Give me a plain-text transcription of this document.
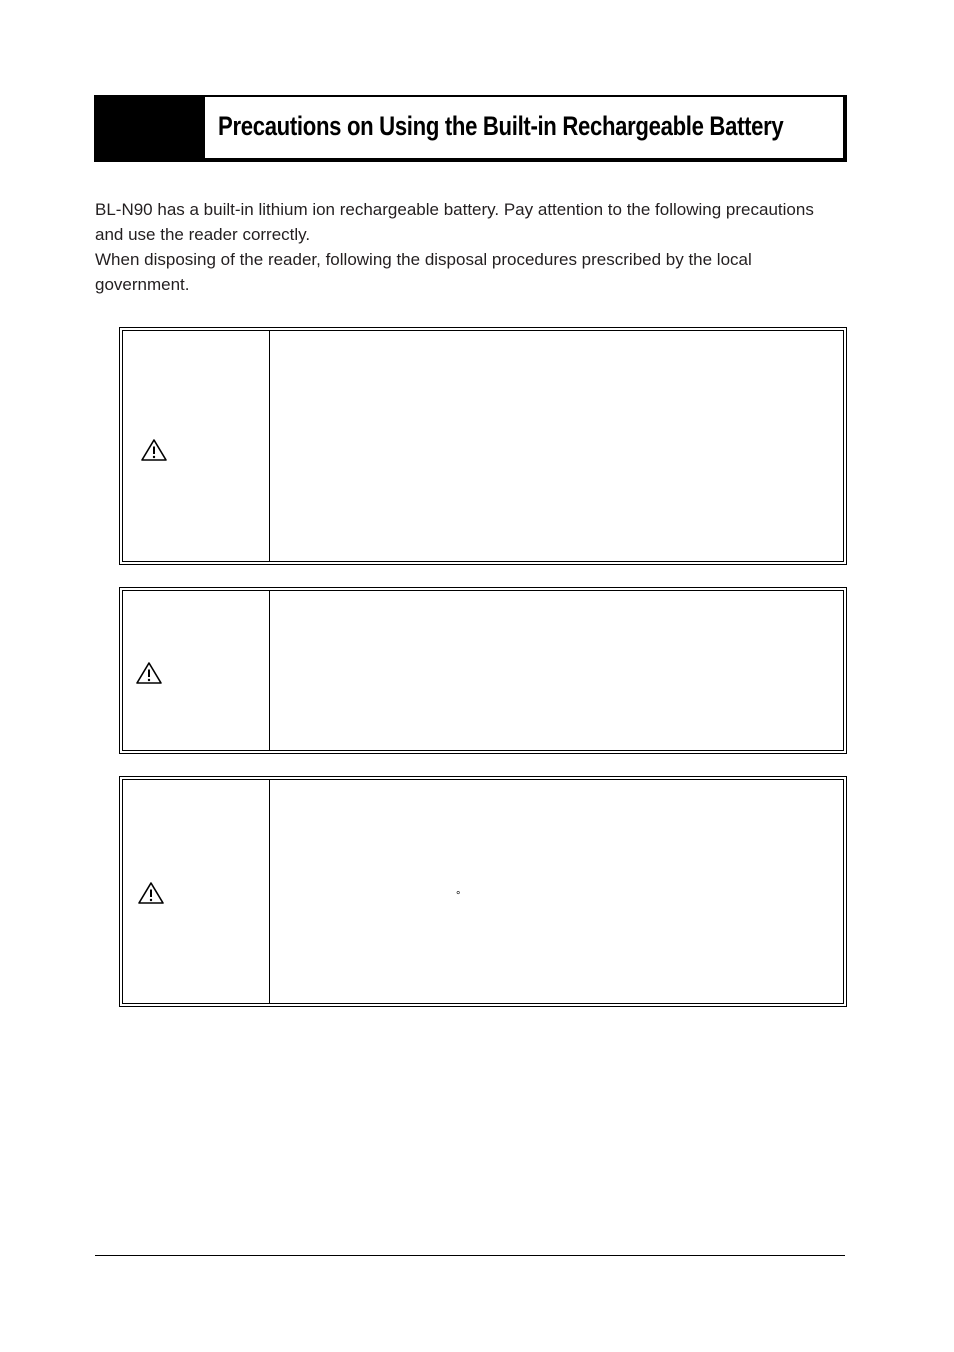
Precautions on Using the Built-in Rechargeable Battery

BL-N90 has a built-in lithium ion rechargeable battery. Pay attention to the following precautions and use the reader correctly.

When disposing of the reader, following the disposal procedures prescribed by the local government.

°
